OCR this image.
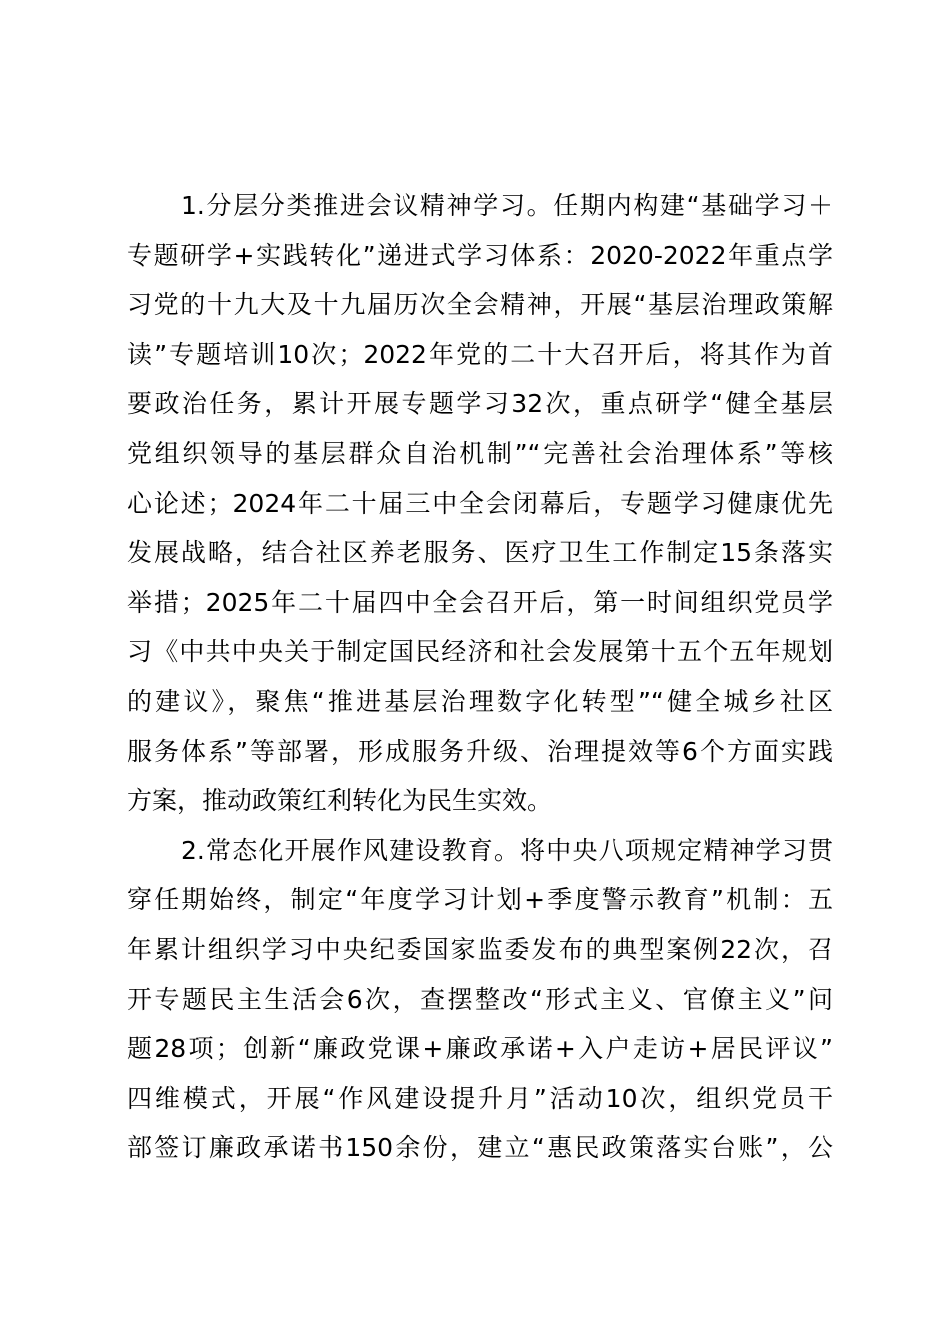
1.分层分类推进会议精神学习。任期内构建“基础学习＋
专题研学+实践转化”递进式学习体系：2020-2022年重点学
习党的十九大及十九届历次全会精神，开展“基层治理政策解
读”专题培训10次；2022年党的二十大召开后，将其作为首
要政治任务，累计开展专题学习32次，重点研学“健全基层
党组织领导的基层群众自治机制”“完善社会治理体系”等核
心论述；2024年二十届三中全会闭幕后，专题学习健康优先
发展战略，结合社区养老服务、医疗卫生工作制定15条落实
举措；2025年二十届四中全会召开后，第一时间组织党员学
习《中共中央关于制定国民经济和社会发展第十五个五年规划
的建议》，聚焦“推进基层治理数字化转型”“健全城乡社区
服务体系”等部署，形成服务升级、治理提效等6个方面实践
方案，推动政策红利转化为民生实效。
2.常态化开展作风建设教育。将中央八项规定精神学习贯
穿任期始终，制定“年度学习计划+季度警示教育”机制：五
年累计组织学习中央纪委国家监委发布的典型案例22次，召
开专题民主生活会6次，查摆整改“形式主义、官僚主义”问
题28项；创新“廉政党课+廉政承诺+入户走访+居民评议”
四维模式，开展“作风建设提升月”活动10次，组织党员干
部签订廉政承诺书150余份，建立“惠民政策落实台账”，公
